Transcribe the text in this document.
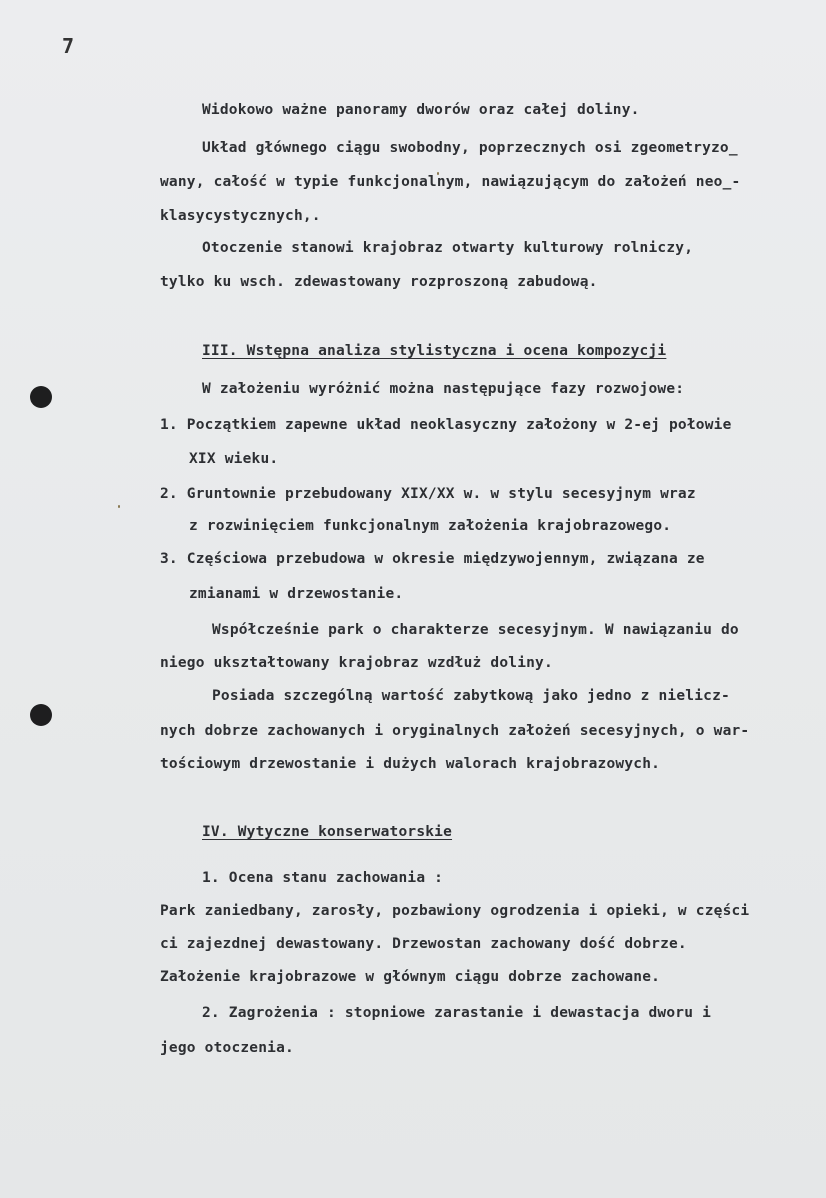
7
Widokowo ważne panoramy dworów oraz całej doliny.
Układ głównego ciągu swobodny, poprzecznych osi zgeometryzo_
wany, całość w typie funkcjonalnym, nawiązującym do założeń neo_-
klasycystycznych,.
Otoczenie stanowi krajobraz otwarty kulturowy rolniczy,
tylko ku wsch. zdewastowany rozproszoną zabudową.
III. Wstępna analiza stylistyczna i ocena kompozycji
W założeniu wyróżnić można następujące fazy rozwojowe:
1. Początkiem zapewne układ neoklasyczny założony w 2-ej połowie
XIX wieku.
2. Gruntownie przebudowany XIX/XX w. w stylu secesyjnym wraz
z rozwinięciem funkcjonalnym założenia krajobrazowego.
3. Częściowa przebudowa w okresie międzywojennym, związana ze
zmianami w drzewostanie.
Współcześnie park o charakterze secesyjnym. W nawiązaniu do
niego ukształtowany krajobraz wzdłuż doliny.
Posiada szczególną wartość zabytkową jako jedno z nielicz-
nych dobrze zachowanych i oryginalnych założeń secesyjnych, o war-
tościowym drzewostanie i dużych walorach krajobrazowych.
IV. Wytyczne konserwatorskie
1. Ocena stanu zachowania :
Park zaniedbany, zarosły, pozbawiony ogrodzenia i opieki, w części
ci zajezdnej dewastowany. Drzewostan zachowany dość dobrze.
Założenie krajobrazowe w głównym ciągu dobrze zachowane.
2. Zagrożenia : stopniowe zarastanie i dewastacja dworu i
jego otoczenia.
